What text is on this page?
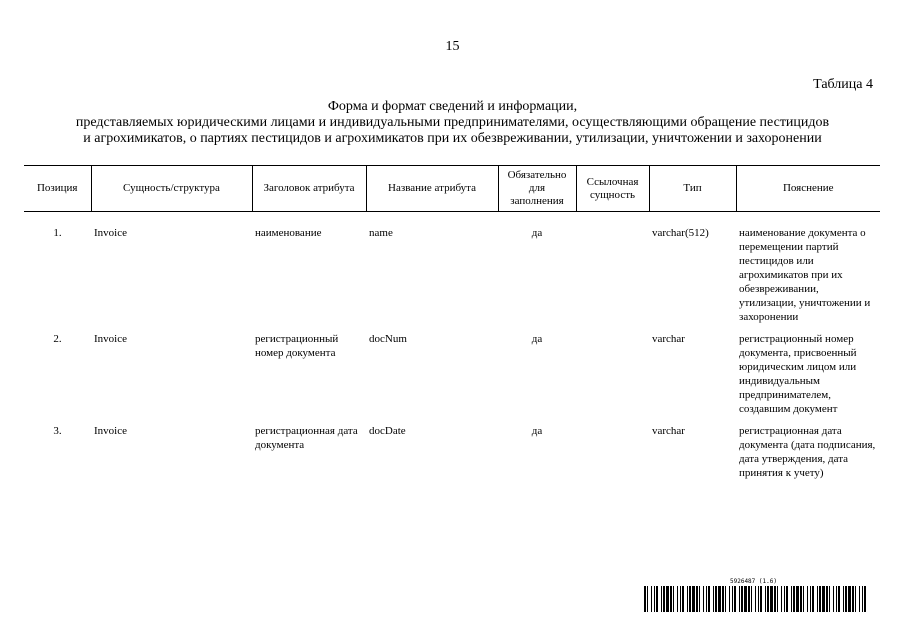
15
Таблица 4
Форма и формат сведений и информации,
представляемых юридическими лицами и индивидуальными предпринимателями, осуществляющими обращение пестицидов
и агрохимикатов, о партиях пестицидов и агрохимикатов при их обезвреживании, утилизации, уничтожении и захоронении
Позиция	Сущность/структура	Заголовок атрибута	Название атрибута	Обязательно для заполнения	Ссылочная сущность	Тип	Пояснение

1.	Invoice	наименование	name	да		varchar(512)	наименование документа о перемещении партий пестицидов или агрохимикатов при их обезвреживании, утилизации, уничтожении и захоронении
2.	Invoice	регистрационный номер документа	docNum	да		varchar	регистрационный номер документа, присвоенный юридическим лицом или индивидуальным предпринимателем, создавшим документ
3.	Invoice	регистрационная дата документа	docDate	да		varchar	регистрационная дата документа (дата подписания, дата утверждения, дата принятия к учету)
5926487 (1.6)
